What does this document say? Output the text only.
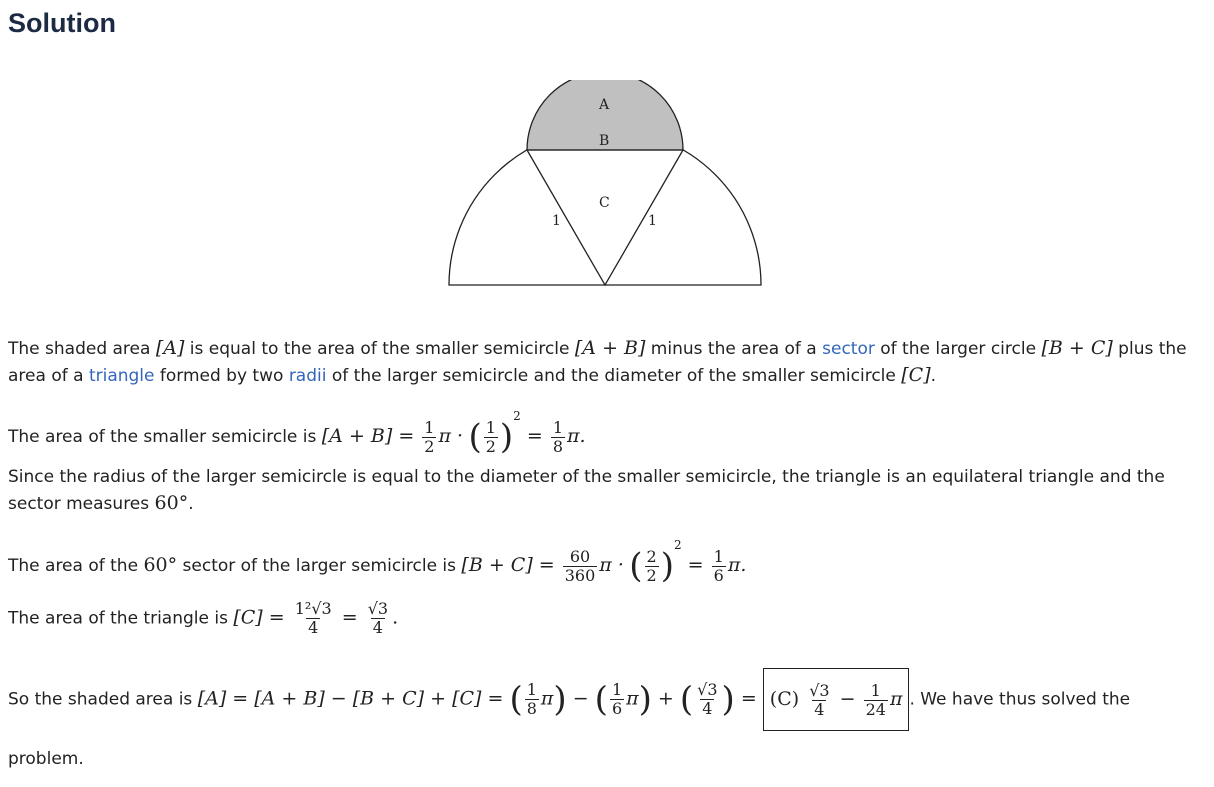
Solution
A
B
C
1	1
The shaded area [A] is equal to the area of the smaller semicircle [A + B] minus the area of a sector of the larger circle [B + C] plus the area of a triangle formed by two radii of the larger semicircle and the diameter of the smaller semicircle [C].
The area of the smaller semicircle is $[A + B] = \frac{1}{2}$ π · ( $\frac{1}{2} )^2 = \frac{1}{8} \pi$.
Since the radius of the larger semicircle is equal to the diameter of the smaller semicircle, the triangle is an equilateral triangle and the sector measures 60°.
The area of the 60° sector of the larger semicircle is $[B + C] = \frac{60}{360}$ π · ( $\frac{2}{2} )^2 = \frac{1}{6} \pi$.
The area of the triangle is $[C] = \frac{\text{1²√3}}{4} = \frac{√3}{4}$ .
So the shaded area is [A] = [A + B] − [B + C] + [C] = ( $\frac{1}{8} \pi$) − ( $\frac{1}{6} \pi$) + ( $\frac{√3}{4}$ ) = $(C) \frac{√3}{4} - \frac{1}{24}$ π . We have thus solved the problem.
